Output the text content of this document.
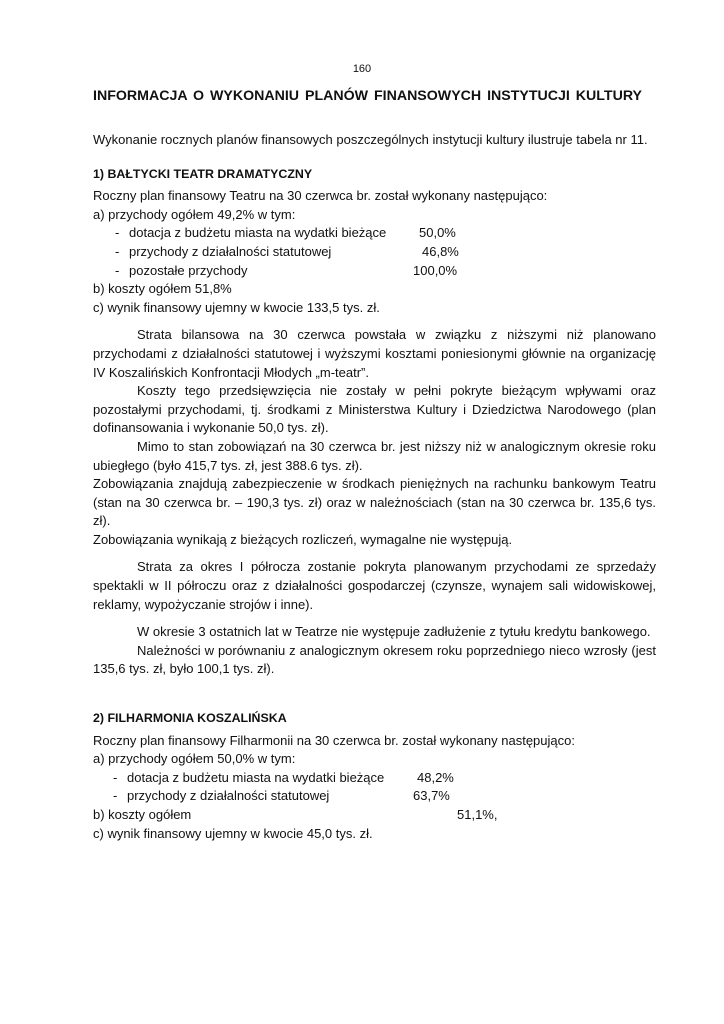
160
INFORMACJA O WYKONANIU PLANÓW FINANSOWYCH INSTYTUCJI KULTURY
Wykonanie rocznych planów finansowych poszczególnych instytucji kultury ilustruje tabela nr 11.
1) BAŁTYCKI TEATR DRAMATYCZNY
Roczny plan finansowy Teatru na 30 czerwca br. został wykonany następująco:
a) przychody ogółem 49,2% w tym:
- dotacja z budżetu miasta na wydatki bieżące	50,0%
- przychody z działalności statutowej	46,8%
- pozostałe przychody	100,0%
b) koszty ogółem 51,8%
c) wynik finansowy ujemny w kwocie 133,5 tys. zł.
Strata bilansowa na 30 czerwca powstała w związku z niższymi niż planowano przychodami z działalności statutowej i wyższymi kosztami poniesionymi głównie na organizację IV Koszalińskich Konfrontacji Młodych „m-teatr”.
Koszty tego przedsięwzięcia nie zostały w pełni pokryte bieżącym wpływami oraz pozostałymi przychodami, tj. środkami z Ministerstwa Kultury i Dziedzictwa Narodowego (plan dofinansowania i wykonanie 50,0 tys. zł).
Mimo to stan zobowiązań na 30 czerwca br. jest niższy niż w analogicznym okresie roku ubiegłego (było 415,7 tys. zł, jest 388.6 tys. zł).
Zobowiązania znajdują zabezpieczenie w środkach pieniężnych na rachunku bankowym Teatru (stan na 30 czerwca br. – 190,3 tys. zł) oraz w należnościach (stan na 30 czerwca br. 135,6 tys. zł).
Zobowiązania wynikają z bieżących rozliczeń, wymagalne nie występują.
Strata za okres I półrocza zostanie pokryta planowanym przychodami ze sprzedaży spektakli w II półroczu oraz z działalności gospodarczej (czynsze, wynajem sali widowiskowej, reklamy, wypożyczanie strojów i inne).
W okresie 3 ostatnich lat w Teatrze nie występuje zadłużenie z tytułu kredytu bankowego.
Należności w porównaniu z analogicznym okresem roku poprzedniego nieco wzrosły (jest 135,6 tys. zł, było 100,1 tys. zł).
2) FILHARMONIA KOSZALIŃSKA
Roczny plan finansowy Filharmonii na 30 czerwca br. został wykonany następująco:
a) przychody ogółem 50,0% w tym:
- dotacja z budżetu miasta na wydatki bieżące	48,2%
- przychody z działalności statutowej	63,7%
b) koszty ogółem	51,1%,
c) wynik finansowy ujemny w kwocie 45,0 tys. zł.
